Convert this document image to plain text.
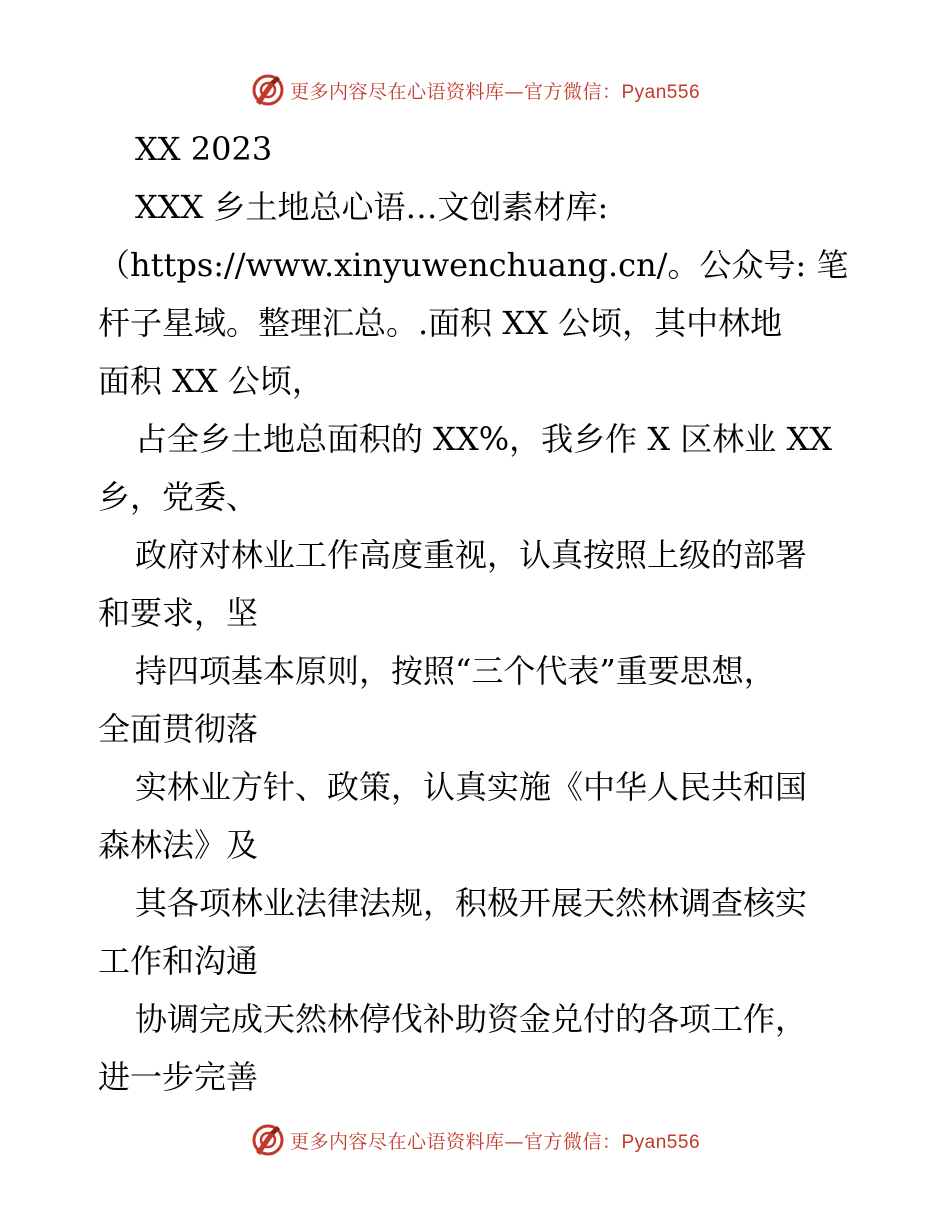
更多内容尽在心语资料库—官方微信：Pyan556
XX 2023
XXX 乡土地总心语…文创素材库:
（https://www.xinyuwenchuang.cn/。公众号: 笔
杆子星域。整理汇总。.面积 XX 公顷，其中林地
面积 XX 公顷，
占全乡土地总面积的 XX%，我乡作 X 区林业 XX
乡，党委、
政府对林业工作高度重视，认真按照上级的部署
和要求，坚
持四项基本原则，按照“三个代表”重要思想，
全面贯彻落
实林业方针、政策，认真实施《中华人民共和国
森林法》及
其各项林业法律法规，积极开展天然林调查核实
工作和沟通
协调完成天然林停伐补助资金兑付的各项工作，
进一步完善
更多内容尽在心语资料库—官方微信：Pyan556
